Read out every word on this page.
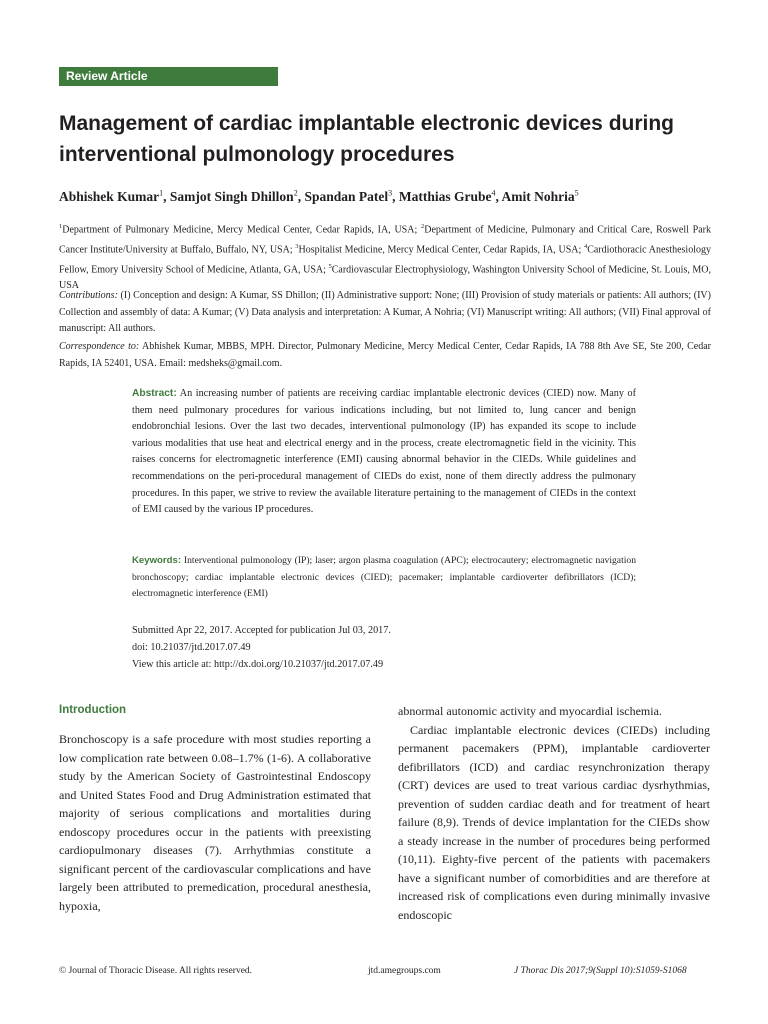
Review Article
Management of cardiac implantable electronic devices during interventional pulmonology procedures
Abhishek Kumar$^1$, Samjot Singh Dhillon$^2$, Spandan Patel$^3$, Matthias Grube$^4$, Amit Nohria$^5$
$^1$Department of Pulmonary Medicine, Mercy Medical Center, Cedar Rapids, IA, USA; $^2$Department of Medicine, Pulmonary and Critical Care, Roswell Park Cancer Institute/University at Buffalo, Buffalo, NY, USA; $^3$Hospitalist Medicine, Mercy Medical Center, Cedar Rapids, IA, USA; $^4$Cardiothoracic Anesthesiology Fellow, Emory University School of Medicine, Atlanta, GA, USA; $^5$Cardiovascular Electrophysiology, Washington University School of Medicine, St. Louis, MO, USA
Contributions: (I) Conception and design: A Kumar, SS Dhillon; (II) Administrative support: None; (III) Provision of study materials or patients: All authors; (IV) Collection and assembly of data: A Kumar; (V) Data analysis and interpretation: A Kumar, A Nohria; (VI) Manuscript writing: All authors; (VII) Final approval of manuscript: All authors.
Correspondence to: Abhishek Kumar, MBBS, MPH. Director, Pulmonary Medicine, Mercy Medical Center, Cedar Rapids, IA 788 8th Ave SE, Ste 200, Cedar Rapids, IA 52401, USA. Email: medsheks@gmail.com.
Abstract: An increasing number of patients are receiving cardiac implantable electronic devices (CIED) now. Many of them need pulmonary procedures for various indications including, but not limited to, lung cancer and benign endobronchial lesions. Over the last two decades, interventional pulmonology (IP) has expanded its scope to include various modalities that use heat and electrical energy and in the process, create electromagnetic field in the vicinity. This raises concerns for electromagnetic interference (EMI) causing abnormal behavior in the CIEDs. While guidelines and recommendations on the peri-procedural management of CIEDs do exist, none of them directly address the pulmonary procedures. In this paper, we strive to review the available literature pertaining to the management of CIEDs in the context of EMI caused by the various IP procedures.
Keywords: Interventional pulmonology (IP); laser; argon plasma coagulation (APC); electrocautery; electromagnetic navigation bronchoscopy; cardiac implantable electronic devices (CIED); pacemaker; implantable cardioverter defibrillators (ICD); electromagnetic interference (EMI)
Submitted Apr 22, 2017. Accepted for publication Jul 03, 2017.
doi: 10.21037/jtd.2017.07.49
View this article at: http://dx.doi.org/10.21037/jtd.2017.07.49
Introduction

Bronchoscopy is a safe procedure with most studies reporting a low complication rate between 0.08–1.7% (1-6). A collaborative study by the American Society of Gastrointestinal Endoscopy and United States Food and Drug Administration estimated that majority of serious complications and mortalities during endoscopy procedures occur in the patients with preexisting cardiopulmonary diseases (7). Arrhythmias constitute a significant percent of the cardiovascular complications and have largely been attributed to premedication, procedural anesthesia, hypoxia,

abnormal autonomic activity and myocardial ischemia.

Cardiac implantable electronic devices (CIEDs) including permanent pacemakers (PPM), implantable cardioverter defibrillators (ICD) and cardiac resynchronization therapy (CRT) devices are used to treat various cardiac dysrhythmias, prevention of sudden cardiac death and for treatment of heart failure (8,9). Trends of device implantation for the CIEDs show a steady increase in the number of procedures being performed (10,11). Eighty-five percent of the patients with pacemakers have a significant number of comorbidities and are therefore at increased risk of complications even during minimally invasive endoscopic

© Journal of Thoracic Disease. All rights reserved.	jtd.amegroups.com	J Thorac Dis 2017;9(Suppl 10):S1059-S1068
